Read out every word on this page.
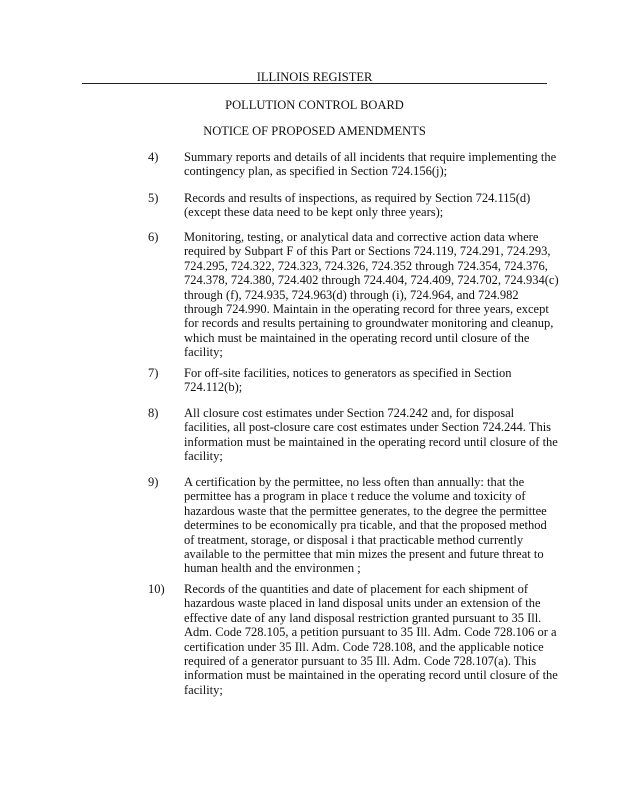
ILLINOIS REGISTER
POLLUTION CONTROL BOARD
NOTICE OF PROPOSED AMENDMENTS
4)	Summary reports and details of all incidents that require implementing the
contingency plan, as specified in Section 724.156(j);
5)	Records and results of inspections, as required by Section 724.115(d)
(except these data need to be kept only three years);
6)	Monitoring, testing, or analytical data and corrective action data where
required by Subpart F of this Part or Sections 724.119, 724.291, 724.293,
724.295, 724.322, 724.323, 724.326, 724.352 through 724.354, 724.376,
724.378, 724.380, 724.402 through 724.404, 724.409, 724.702, 724.934(c)
through (f), 724.935, 724.963(d) through (i), 724.964, and 724.982
through 724.990. Maintain in the operating record for three years, except
for records and results pertaining to groundwater monitoring and cleanup,
which must be maintained in the operating record until closure of the
facility;
7)	For off-site facilities, notices to generators as specified in Section
724.112(b);
8)	All closure cost estimates under Section 724.242 and, for disposal
facilities, all post-closure care cost estimates under Section 724.244. This
information must be maintained in the operating record until closure of the
facility;
9)	A certification by the permittee, no less often than annually: that the
permittee has a program in place t reduce the volume and toxicity of
hazardous waste that the permittee generates, to the degree the permittee
determines to be economically pra ticable, and that the proposed method
of treatment, storage, or disposal i that practicable method currently
available to the permittee that min mizes the present and future threat to
human health and the environmen ;
10)	Records of the quantities and date of placement for each shipment of
hazardous waste placed in land disposal units under an extension of the
effective date of any land disposal restriction granted pursuant to 35 Ill.
Adm. Code 728.105, a petition pursuant to 35 Ill. Adm. Code 728.106 or a
certification under 35 Ill. Adm. Code 728.108, and the applicable notice
required of a generator pursuant to 35 Ill. Adm. Code 728.107(a). This
information must be maintained in the operating record until closure of the
facility;
